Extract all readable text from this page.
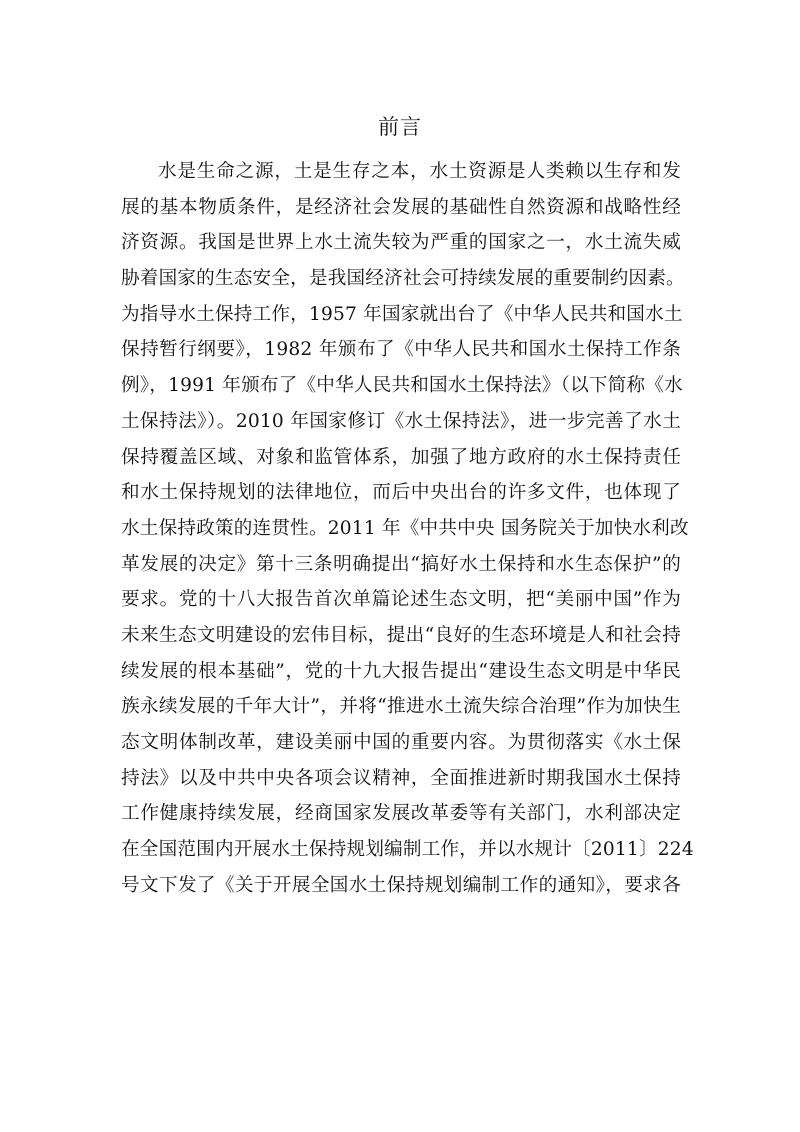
前言
水是生命之源，土是生存之本，水土资源是人类赖以生存和发
展的基本物质条件，是经济社会发展的基础性自然资源和战略性经
济资源。我国是世界上水土流失较为严重的国家之一，水土流失威
胁着国家的生态安全，是我国经济社会可持续发展的重要制约因素。
为指导水土保持工作，1957 年国家就出台了《中华人民共和国水土
保持暂行纲要》，1982 年颁布了《中华人民共和国水土保持工作条
例》，1991 年颁布了《中华人民共和国水土保持法》（以下简称《水
土保持法》）。2010 年国家修订《水土保持法》，进一步完善了水土
保持覆盖区域、对象和监管体系，加强了地方政府的水土保持责任
和水土保持规划的法律地位，而后中央出台的许多文件，也体现了
水土保持政策的连贯性。2011 年《中共中央 国务院关于加快水利改
革发展的决定》第十三条明确提出“搞好水土保持和水生态保护”的
要求。党的十八大报告首次单篇论述生态文明，把“美丽中国”作为
未来生态文明建设的宏伟目标，提出“良好的生态环境是人和社会持
续发展的根本基础”，党的十九大报告提出“建设生态文明是中华民
族永续发展的千年大计”，并将“推进水土流失综合治理”作为加快生
态文明体制改革，建设美丽中国的重要内容。为贯彻落实《水土保
持法》以及中共中央各项会议精神，全面推进新时期我国水土保持
工作健康持续发展，经商国家发展改革委等有关部门，水利部决定
在全国范围内开展水土保持规划编制工作，并以水规计〔2011〕224
号文下发了《关于开展全国水土保持规划编制工作的通知》，要求各
